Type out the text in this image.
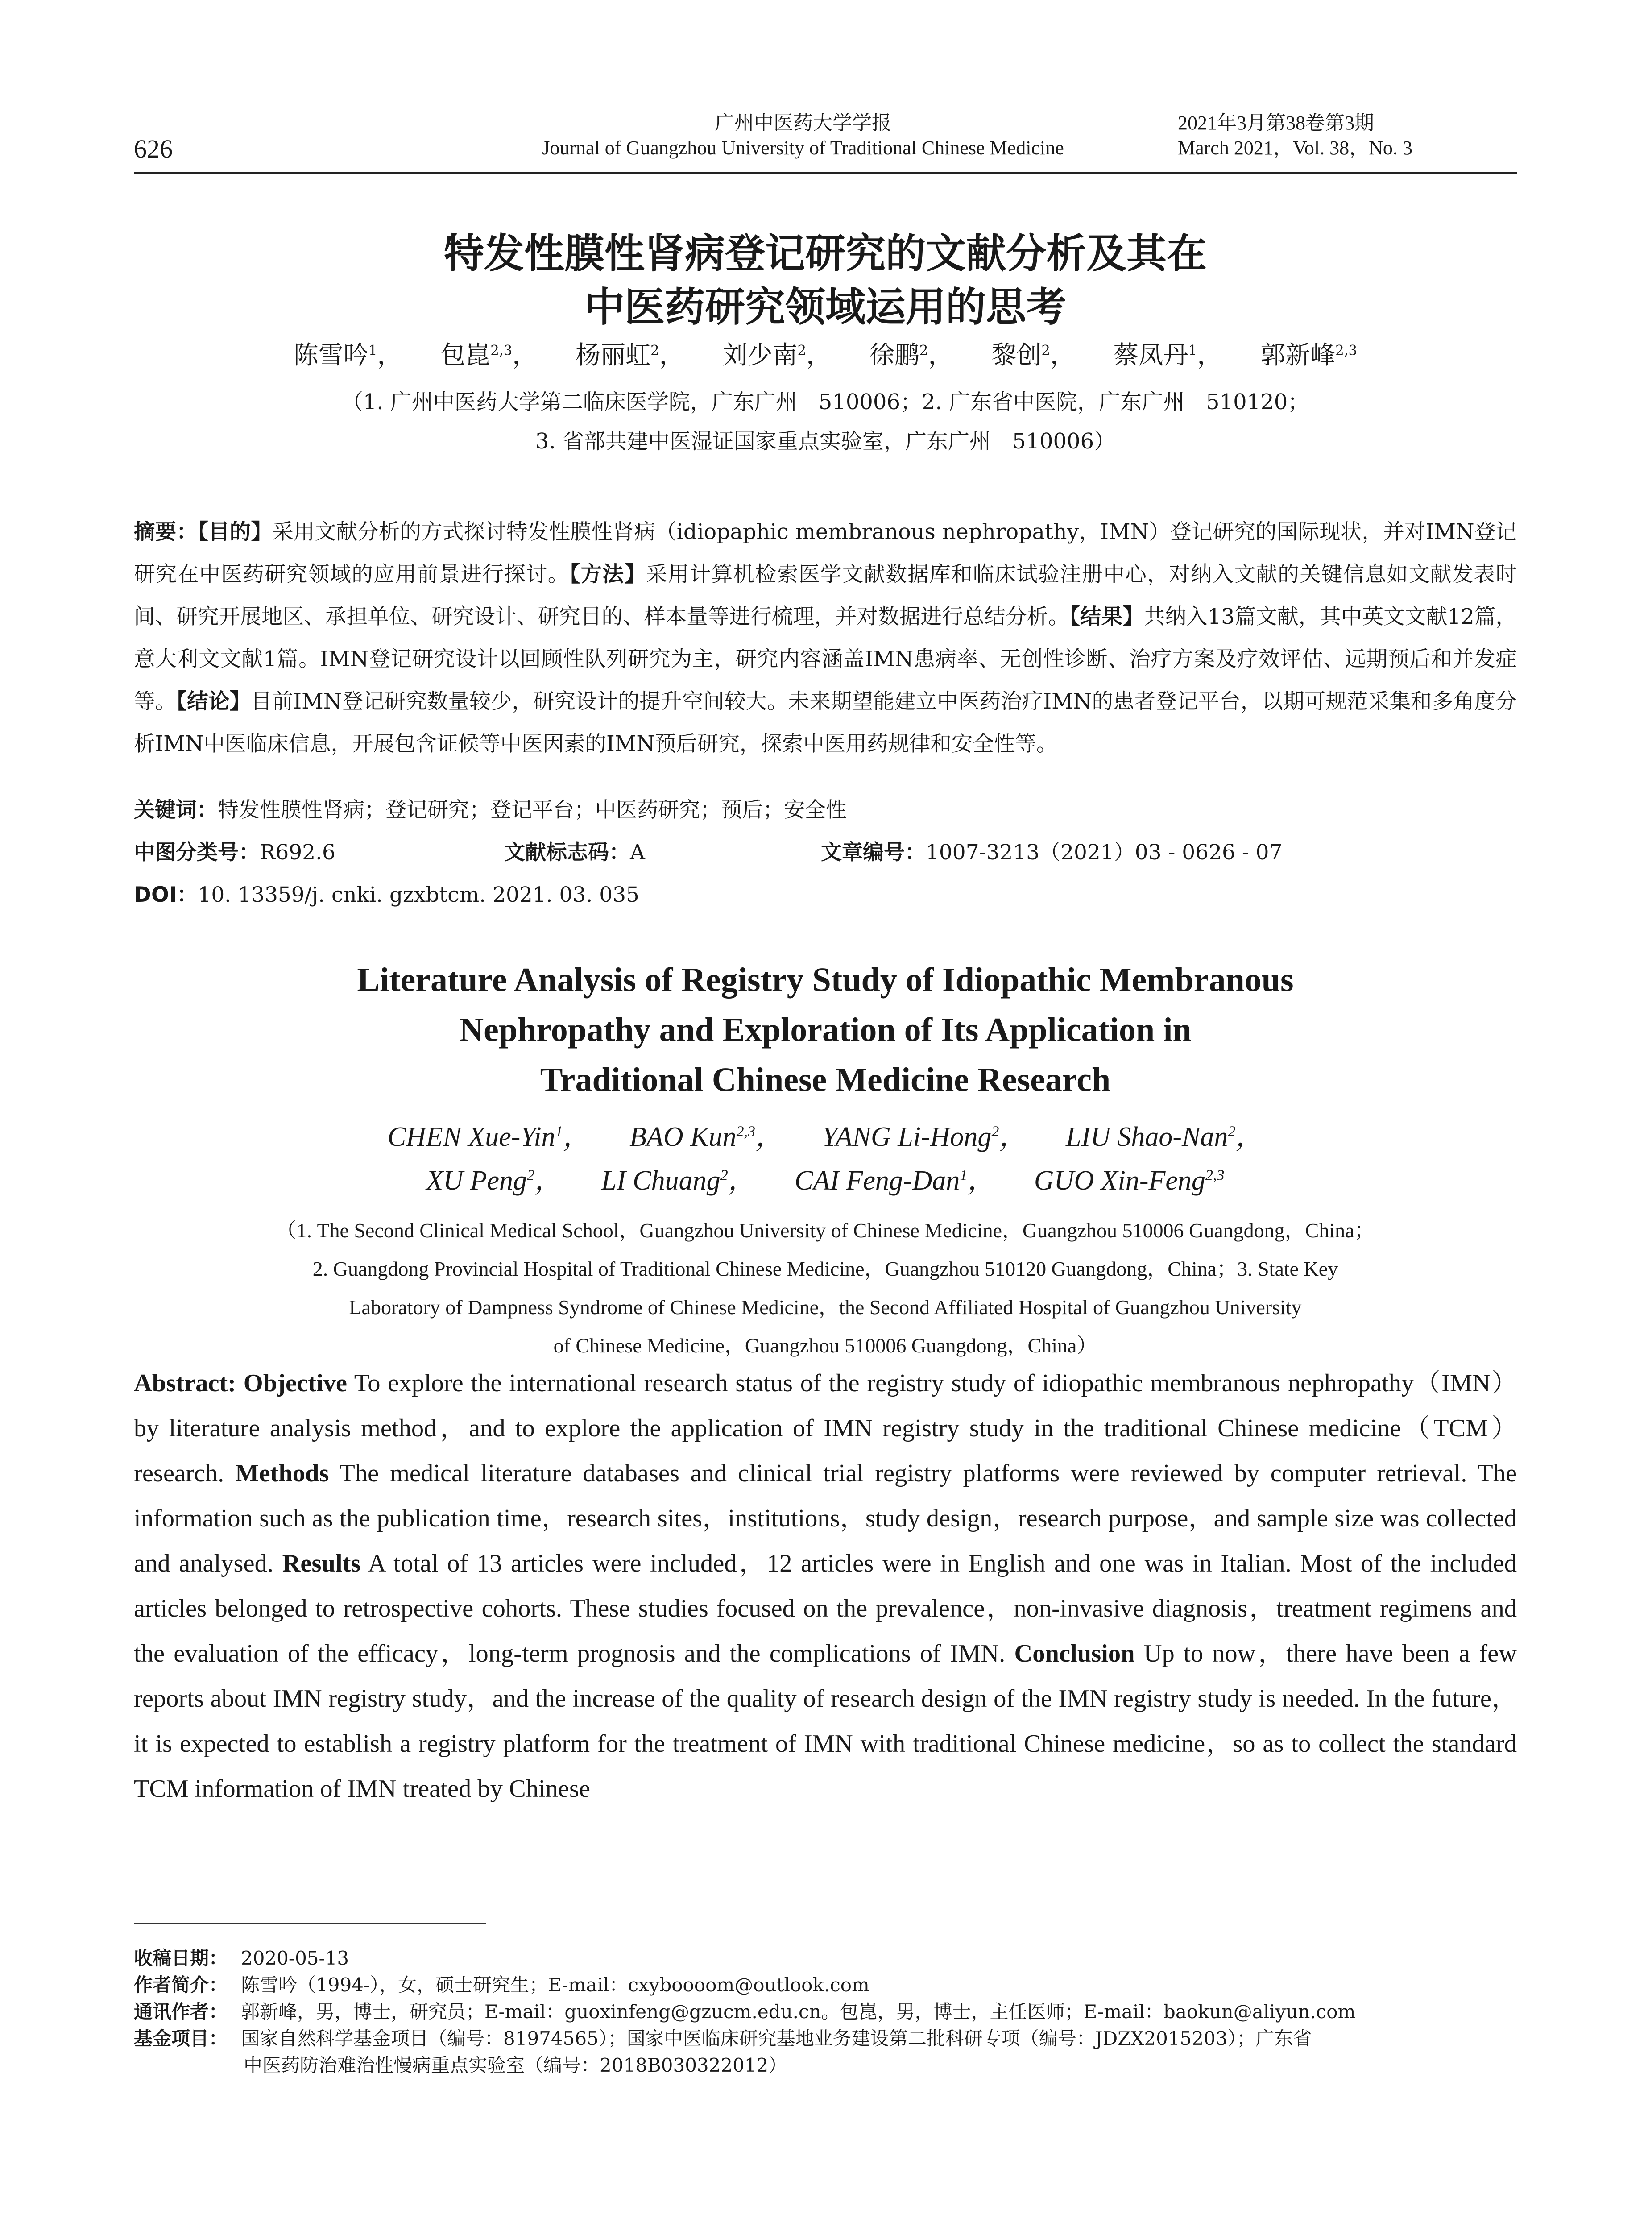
626
广州中医药大学学报
Journal of Guangzhou University of Traditional Chinese Medicine
2021年3月第38卷第3期
March 2021，Vol. 38，No. 3
特发性膜性肾病登记研究的文献分析及其在
中医药研究领域运用的思考
陈雪吟$^1$， 包崑$^{2,3}$， 杨丽虹$^2$， 刘少南$^2$， 徐鹏$^2$， 黎创$^2$， 蔡凤丹$^1$， 郭新峰$^{2,3}$
（1. 广州中医药大学第二临床医学院，广东广州　510006；2. 广东省中医院，广东广州　510120；
3. 省部共建中医湿证国家重点实验室，广东广州　510006）
摘要：【目的】采用文献分析的方式探讨特发性膜性肾病（idiopaphic membranous nephropathy，IMN）登记研究的国际现状，并对IMN登记研究在中医药研究领域的应用前景进行探讨。【方法】采用计算机检索医学文献数据库和临床试验注册中心，对纳入文献的关键信息如文献发表时间、研究开展地区、承担单位、研究设计、研究目的、样本量等进行梳理，并对数据进行总结分析。【结果】共纳入13篇文献，其中英文文献12篇，意大利文文献1篇。IMN登记研究设计以回顾性队列研究为主，研究内容涵盖IMN患病率、无创性诊断、治疗方案及疗效评估、远期预后和并发症等。【结论】目前IMN登记研究数量较少，研究设计的提升空间较大。未来期望能建立中医药治疗IMN的患者登记平台，以期可规范采集和多角度分析IMN中医临床信息，开展包含证候等中医因素的IMN预后研究，探索中医用药规律和安全性等。
关键词：特发性膜性肾病；登记研究；登记平台；中医药研究；预后；安全性
中图分类号：R692.6	文献标志码：A	文章编号：1007-3213（2021）03 - 0626 - 07
DOI：10. 13359/j. cnki. gzxbtcm. 2021. 03. 035
Literature Analysis of Registry Study of Idiopathic Membranous
Nephropathy and Exploration of Its Application in
Traditional Chinese Medicine Research
CHEN Xue-Yin$^1$， BAO Kun$^{2,3}$， YANG Li-Hong$^2$， LIU Shao-Nan$^2$，
XU Peng$^2$， LI Chuang$^2$， CAI Feng-Dan$^1$， GUO Xin-Feng$^{2,3}$
（1. The Second Clinical Medical School，Guangzhou University of Chinese Medicine，Guangzhou 510006 Guangdong，China；
2. Guangdong Provincial Hospital of Traditional Chinese Medicine，Guangzhou 510120 Guangdong，China；3. State Key
Laboratory of Dampness Syndrome of Chinese Medicine，the Second Affiliated Hospital of Guangzhou University
of Chinese Medicine，Guangzhou 510006 Guangdong，China）
Abstract: Objective To explore the international research status of the registry study of idiopathic membranous nephropathy（IMN）by literature analysis method，and to explore the application of IMN registry study in the traditional Chinese medicine（TCM）research. Methods The medical literature databases and clinical trial registry platforms were reviewed by computer retrieval. The information such as the publication time，research sites，institutions，study design，research purpose，and sample size was collected and analysed. Results A total of 13 articles were included，12 articles were in English and one was in Italian. Most of the included articles belonged to retrospective cohorts. These studies focused on the prevalence，non-invasive diagnosis，treatment regimens and the evaluation of the efficacy，long-term prognosis and the complications of IMN. Conclusion Up to now，there have been a few reports about IMN registry study，and the increase of the quality of research design of the IMN registry study is needed. In the future，it is expected to establish a registry platform for the treatment of IMN with traditional Chinese medicine，so as to collect the standard TCM information of IMN treated by Chinese
收稿日期： 2020-05-13
作者简介： 陈雪吟（1994-），女，硕士研究生；E-mail：cxyboooom@outlook.com
通讯作者： 郭新峰，男，博士，研究员；E-mail：guoxinfeng@gzucm.edu.cn。包崑，男，博士，主任医师；E-mail：baokun@aliyun.com
基金项目： 国家自然科学基金项目（编号：81974565）；国家中医临床研究基地业务建设第二批科研专项（编号：JDZX2015203）；广东省
中医药防治难治性慢病重点实验室（编号：2018B030322012）
